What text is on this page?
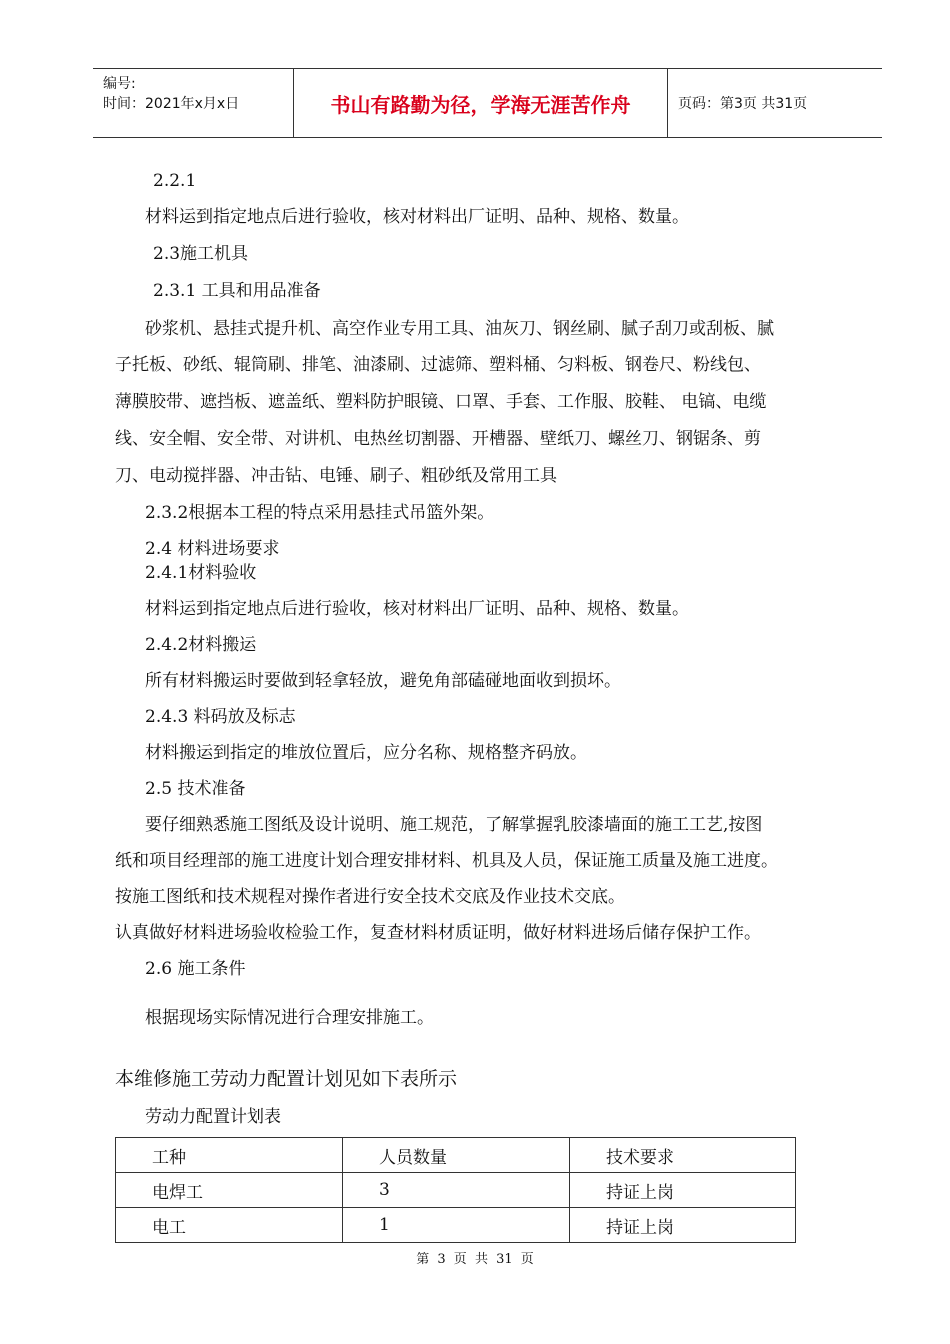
编号:
时间：2021年x月x日	书山有路勤为径，学海无涯苦作舟	页码：第3页 共31页
2.2.1
材料运到指定地点后进行验收，核对材料出厂证明、品种、规格、数量。
2.3施工机具
2.3.1 工具和用品准备
砂浆机、悬挂式提升机、高空作业专用工具、油灰刀、钢丝刷、腻子刮刀或刮板、腻
子托板、砂纸、辊筒刷、排笔、油漆刷、过滤筛、塑料桶、匀料板、钢卷尺、粉线包、
薄膜胶带、遮挡板、遮盖纸、塑料防护眼镜、口罩、手套、工作服、胶鞋、 电镐、电缆
线、安全帽、安全带、对讲机、电热丝切割器、开槽器、壁纸刀、螺丝刀、钢锯条、剪
刀、电动搅拌器、冲击钻、电锤、刷子、粗砂纸及常用工具
2.3.2根据本工程的特点采用悬挂式吊篮外架。
2.4 材料进场要求
2.4.1材料验收
材料运到指定地点后进行验收，核对材料出厂证明、品种、规格、数量。
2.4.2材料搬运
所有材料搬运时要做到轻拿轻放，避免角部磕碰地面收到损坏。
2.4.3 料码放及标志
材料搬运到指定的堆放位置后，应分名称、规格整齐码放。
2.5 技术准备
要仔细熟悉施工图纸及设计说明、施工规范，了解掌握乳胶漆墙面的施工工艺,按图
纸和项目经理部的施工进度计划合理安排材料、机具及人员，保证施工质量及施工进度。
按施工图纸和技术规程对操作者进行安全技术交底及作业技术交底。
认真做好材料进场验收检验工作，复查材料材质证明，做好材料进场后储存保护工作。
2.6 施工条件
根据现场实际情况进行合理安排施工。
本维修施工劳动力配置计划见如下表所示
劳动力配置计划表
工种	人员数量	技术要求
电焊工	3	持证上岗
电工	1	持证上岗
第 3 页 共 31 页
